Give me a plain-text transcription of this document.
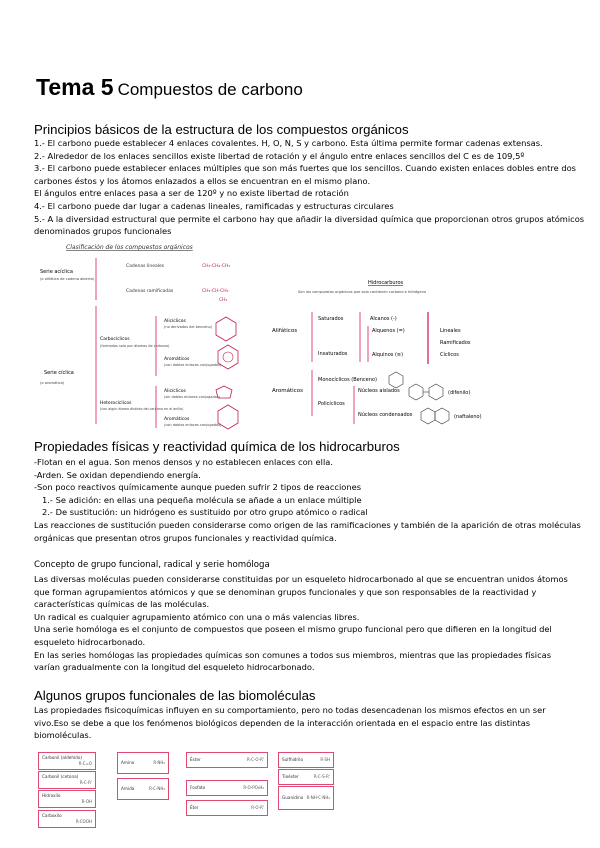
Tema 5 Compuestos de carbono
Principios básicos de la estructura de los compuestos orgánicos
1.- El carbono puede establecer 4 enlaces covalentes. H, O, N, S y carbono. Esta última permite formar cadenas extensas.
2.- Alrededor de los enlaces sencillos existe libertad de rotación y el ángulo entre enlaces sencillos del C es de 109,5º
3.- El carbono puede establecer enlaces múltiples que son más fuertes que los sencillos. Cuando existen enlaces dobles entre dos
carbones éstos y los átomos enlazados a ellos se encuentran en el mismo plano.
El ángulos entre enlaces pasa a ser de 120º y no existe libertad de rotación
4.- El carbono puede dar lugar a cadenas lineales, ramificadas y estructuras circulares
5.- A la diversidad estructural que permite el carbono hay que añadir la diversidad química que proporcionan otros grupos atómicos
denominados grupos funcionales
Clasificación de los compuestos orgánicos
Serie acíclica
(o alifática de cadena abierta)
Cadenas lineales	CH₃-CH₂-CH₃
Cadenas ramificadas	CH₃-CH-CH₃
CH₃
Carbocíclicos
(formados solo por átomos de carbono)
Alicíclicos
(no derivados del benceno)
Aromáticos
(con dobles enlaces conjugados)
Serie cíclica
(o aromática)
Heterocíclicos
(con algún átomo distinto del carbono en el anillo)
Alicíclicos
(sin dobles enlaces conjugados)
Aromáticos
(con dobles enlaces conjugados)
Hidrocarburos
Son los compuestos orgánicos que solo contienen carbono e hidrógeno
Alifáticos
Saturados
Insaturados
Alcanos (-)
Alquenos (=)
Alquinos (≡)
Lineales
Ramificados
Cíclicos
Aromáticos
Monocíclicos (Benceno)
Policíclicos
Núcleos aislados	(difenilo)
Núcleos condensados	(naftaleno)
Propiedades físicas y reactividad química de los hidrocarburos
-Flotan en el agua. Son menos densos y no establecen enlaces con ella.
-Arden. Se oxidan dependiendo energía.
-Son poco reactivos químicamente aunque pueden sufrir 2 tipos de reacciones
1.- Se adición: en ellas una pequeña molécula se añade a un enlace múltiple
2.- De sustitución: un hidrógeno es sustituido por otro grupo atómico o radical
Las reacciones de sustitución pueden considerarse como origen de las ramificaciones y también de la aparición de otras moléculas
orgánicas que presentan otros grupos funcionales y reactividad química.
Concepto de grupo funcional, radical y serie homóloga
Las diversas moléculas pueden considerarse constituidas por un esqueleto hidrocarbonado al que se encuentran unidos átomos
que forman agrupamientos atómicos y que se denominan grupos funcionales y que son responsables de la reactividad y
características químicas de las moléculas.
Un radical es cualquier agrupamiento atómico con una o más valencias libres.
Una serie homóloga es el conjunto de compuestos que poseen el mismo grupo funcional pero que difieren en la longitud del
esqueleto hidrocarbonado.
En las series homólogas las propiedades químicas son comunes a todos sus miembros, mientras que las propiedades físicas
varían gradualmente con la longitud del esqueleto hidrocarbonado.
Algunos grupos funcionales de las biomoléculas
Las propiedades fisicoquímicas influyen en su comportamiento, pero no todas desencadenan los mismos efectos en un ser
vivo.Eso se debe a que los fenómenos biológicos dependen de la interacción orientada en el espacio entre las distintas
biomoléculas.
Carbonil (aldehído)
R-C=O
Carbonil (cetona)
R-C-R'
Hidroxilo
R-OH
Carboxilo
R-COOH
Amino	R-NH₂
Amida	R-C-NH₂
Éster	R-C-O-R'
Fosfato	R-O-PO₃H₂
Éter	R-O-R'
Sulfhidrilo	R-SH
Tioéster	R-C-S-R'
Guanidino R-NH-C-NH₂
